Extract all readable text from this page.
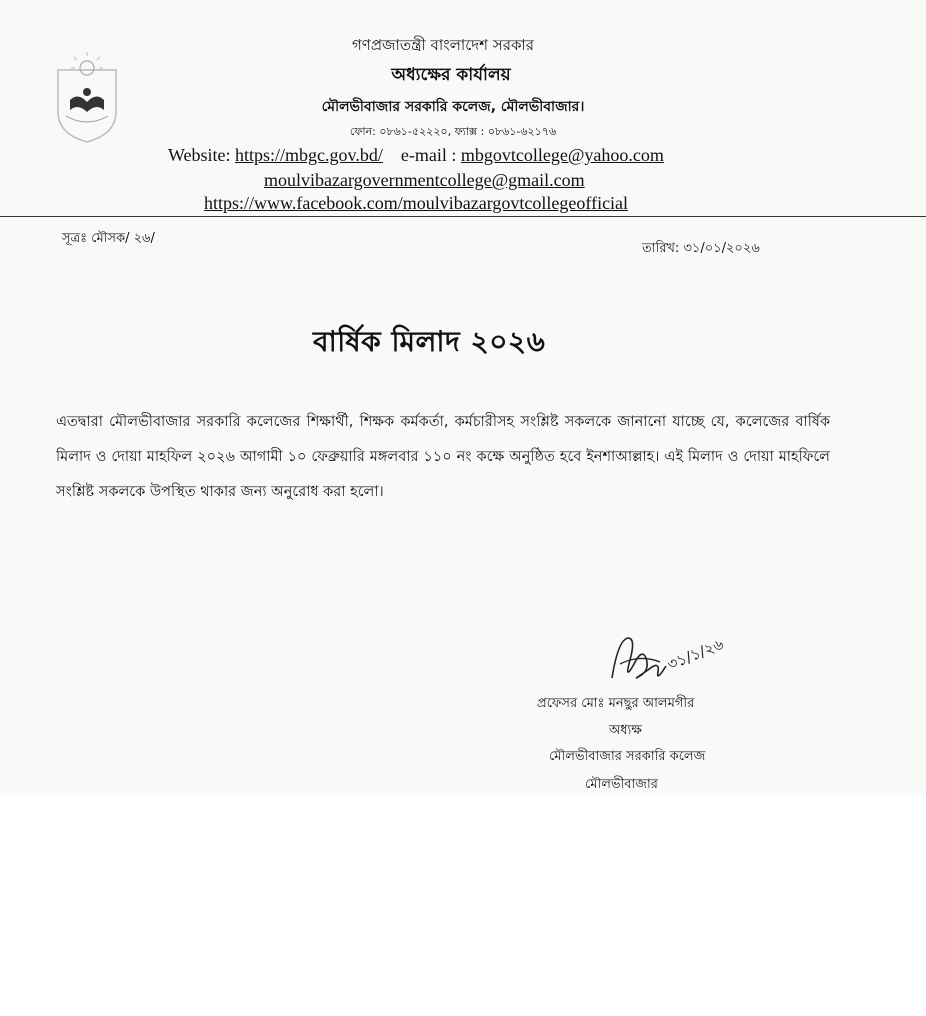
গণপ্রজাতন্ত্রী বাংলাদেশ সরকার
অধ্যক্ষের কার্যালয়
মৌলভীবাজার সরকারি কলেজ, মৌলভীবাজার।
ফোন: ০৮৬১-৫২২২০, ফ্যাক্স : ০৮৬১-৬২১৭৬
Website: https://mbgc.gov.bd/ e-mail : mbgovtcollege@yahoo.com
moulvibazargovernmentcollege@gmail.com
https://www.facebook.com/moulvibazargovtcollegeofficial
সূত্রঃ মৌসক/ ২৬/
তারিখ: ৩১/০১/২০২৬
বার্ষিক মিলাদ ২০২৬
এতদ্বারা মৌলভীবাজার সরকারি কলেজের শিক্ষার্থী, শিক্ষক কর্মকর্তা, কর্মচারীসহ সংশ্লিষ্ট সকলকে জানানো যাচ্ছে যে, কলেজের বার্ষিক মিলাদ ও দোয়া মাহফিল ২০২৬ আগামী ১০ ফেব্রুয়ারি মঙ্গলবার ১১০ নং কক্ষে অনুষ্ঠিত হবে ইনশাআল্লাহ। এই মিলাদ ও দোয়া মাহফিলে সংশ্লিষ্ট সকলকে উপস্থিত থাকার জন্য অনুরোধ করা হলো।
৩১/১/২৬
প্রফেসর মোঃ মনছুর আলমগীর
অধ্যক্ষ
মৌলভীবাজার সরকারি কলেজ
মৌলভীবাজার
